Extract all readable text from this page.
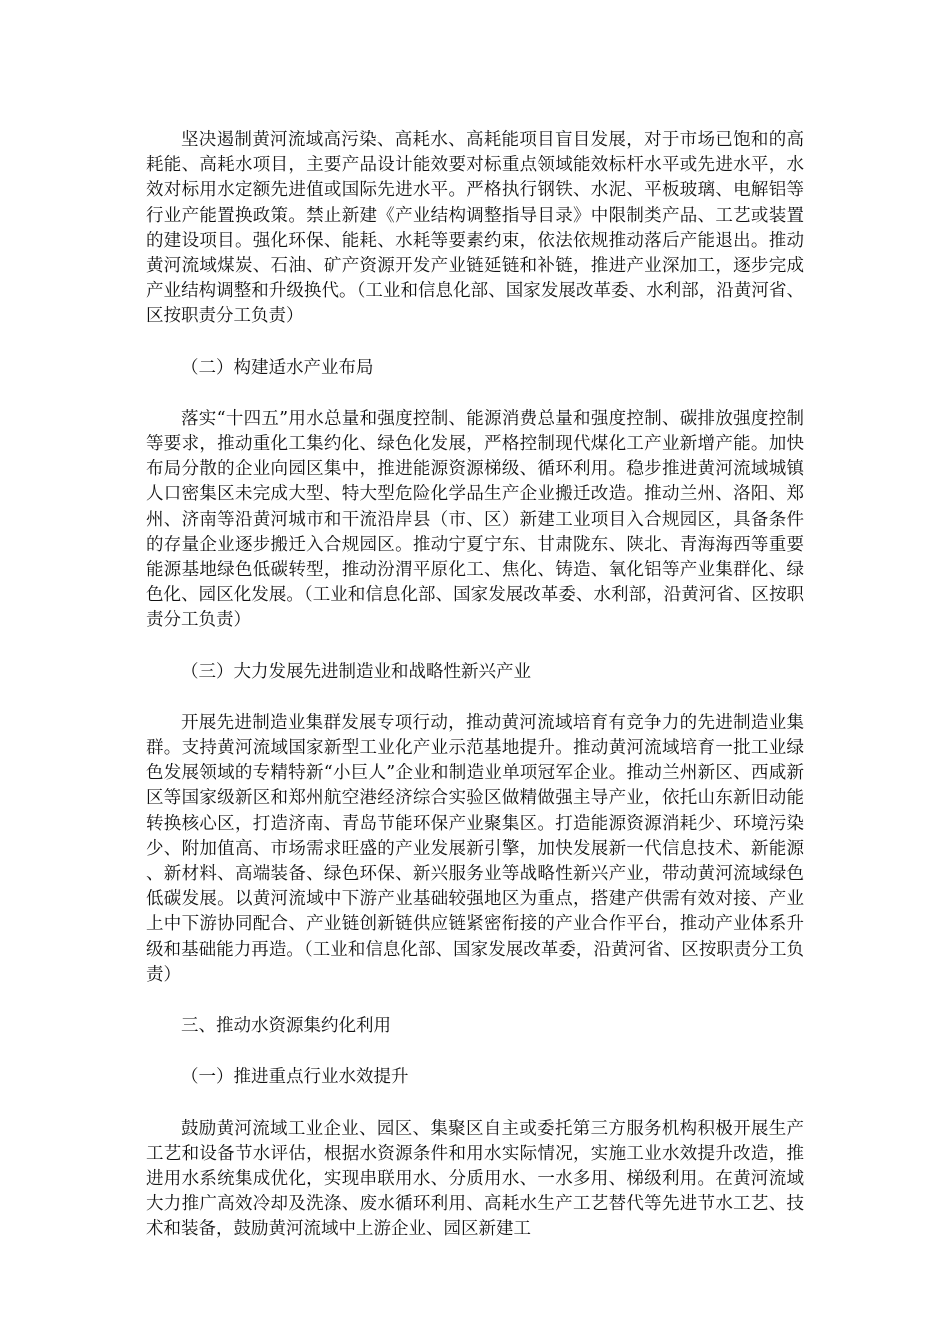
坚决遏制黄河流域高污染、高耗水、高耗能项目盲目发展，对于市场已饱和的高耗能、高耗水项目，主要产品设计能效要对标重点领域能效标杆水平或先进水平，水效对标用水定额先进值或国际先进水平。严格执行钢铁、水泥、平板玻璃、电解铝等行业产能置换政策。禁止新建《产业结构调整指导目录》中限制类产品、工艺或装置的建设项目。强化环保、能耗、水耗等要素约束，依法依规推动落后产能退出。推动黄河流域煤炭、石油、矿产资源开发产业链延链和补链，推进产业深加工，逐步完成产业结构调整和升级换代。（工业和信息化部、国家发展改革委、水利部，沿黄河省、区按职责分工负责）

（二）构建适水产业布局

落实“十四五”用水总量和强度控制、能源消费总量和强度控制、碳排放强度控制等要求，推动重化工集约化、绿色化发展，严格控制现代煤化工产业新增产能。加快布局分散的企业向园区集中，推进能源资源梯级、循环利用。稳步推进黄河流域城镇人口密集区未完成大型、特大型危险化学品生产企业搬迁改造。推动兰州、洛阳、郑州、济南等沿黄河城市和干流沿岸县（市、区）新建工业项目入合规园区，具备条件的存量企业逐步搬迁入合规园区。推动宁夏宁东、甘肃陇东、陕北、青海海西等重要能源基地绿色低碳转型，推动汾渭平原化工、焦化、铸造、氧化铝等产业集群化、绿色化、园区化发展。（工业和信息化部、国家发展改革委、水利部，沿黄河省、区按职责分工负责）

（三）大力发展先进制造业和战略性新兴产业

开展先进制造业集群发展专项行动，推动黄河流域培育有竞争力的先进制造业集群。支持黄河流域国家新型工业化产业示范基地提升。推动黄河流域培育一批工业绿色发展领域的专精特新“小巨人”企业和制造业单项冠军企业。推动兰州新区、西咸新区等国家级新区和郑州航空港经济综合实验区做精做强主导产业，依托山东新旧动能转换核心区，打造济南、青岛节能环保产业聚集区。打造能源资源消耗少、环境污染少、附加值高、市场需求旺盛的产业发展新引擎，加快发展新一代信息技术、新能源、新材料、高端装备、绿色环保、新兴服务业等战略性新兴产业，带动黄河流域绿色低碳发展。以黄河流域中下游产业基础较强地区为重点，搭建产供需有效对接、产业上中下游协同配合、产业链创新链供应链紧密衔接的产业合作平台，推动产业体系升级和基础能力再造。（工业和信息化部、国家发展改革委，沿黄河省、区按职责分工负责）

三、推动水资源集约化利用

（一）推进重点行业水效提升

鼓励黄河流域工业企业、园区、集聚区自主或委托第三方服务机构积极开展生产工艺和设备节水评估，根据水资源条件和用水实际情况，实施工业水效提升改造，推进用水系统集成优化，实现串联用水、分质用水、一水多用、梯级利用。在黄河流域大力推广高效冷却及洗涤、废水循环利用、高耗水生产工艺替代等先进节水工艺、技术和装备，鼓励黄河流域中上游企业、园区新建工
